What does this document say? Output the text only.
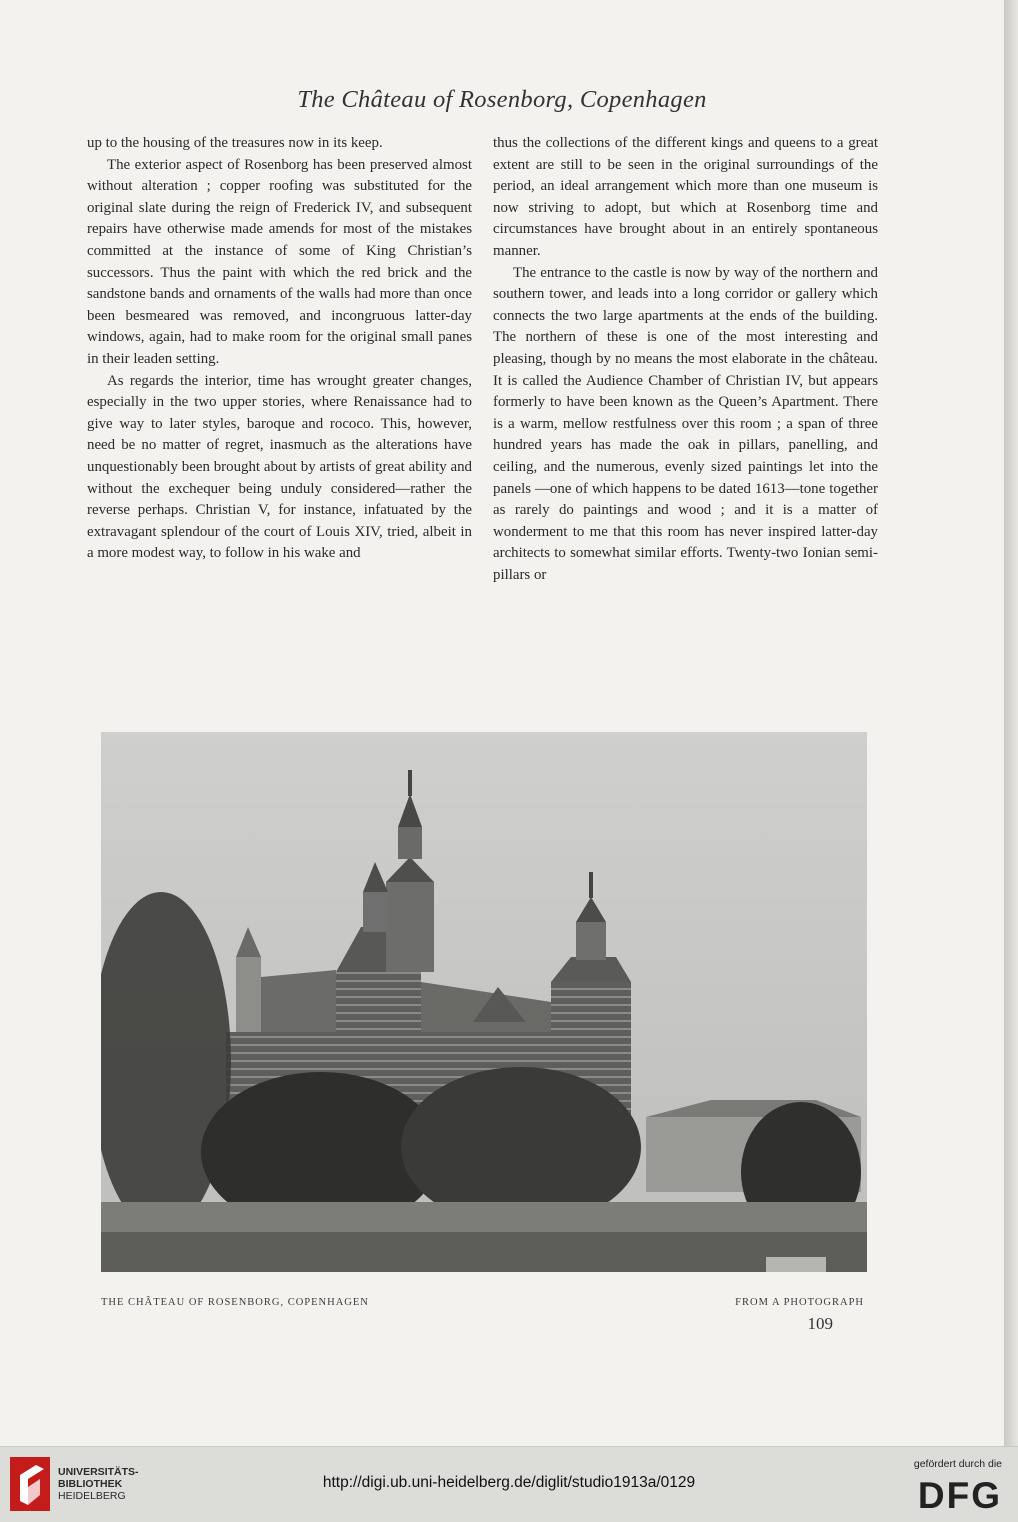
The Château of Rosenborg, Copenhagen

up to the housing of the treasures now in its keep.

The exterior aspect of Rosenborg has been preserved almost without alteration ; copper roofing was substituted for the original slate during the reign of Frederick IV, and subsequent repairs have otherwise made amends for most of the mistakes committed at the instance of some of King Christian’s successors. Thus the paint with which the red brick and the sandstone bands and ornaments of the walls had more than once been besmeared was removed, and incongruous latter-day windows, again, had to make room for the original small panes in their leaden setting.

As regards the interior, time has wrought greater changes, especially in the two upper stories, where Renaissance had to give way to later styles, baroque and rococo. This, however, need be no matter of regret, inasmuch as the alterations have unquestionably been brought about by artists of great ability and without the exchequer being unduly considered—rather the reverse perhaps. Christian V, for instance, infatuated by the extravagant splendour of the court of Louis XIV, tried, albeit in a more modest way, to follow in his wake and

thus the collections of the different kings and queens to a great extent are still to be seen in the original surroundings of the period, an ideal arrangement which more than one museum is now striving to adopt, but which at Rosenborg time and circumstances have brought about in an entirely spontaneous manner.

The entrance to the castle is now by way of the northern and southern tower, and leads into a long corridor or gallery which connects the two large apartments at the ends of the building. The northern of these is one of the most interesting and pleasing, though by no means the most elaborate in the château. It is called the Audience Chamber of Christian IV, but appears formerly to have been known as the Queen’s Apartment. There is a warm, mellow restfulness over this room ; a span of three hundred years has made the oak in pillars, panelling, and ceiling, and the numerous, evenly sized paintings let into the panels —one of which happens to be dated 1613—tone together as rarely do paintings and wood ; and it is a matter of wonderment to me that this room has never inspired latter-day architects to somewhat similar efforts. Twenty-two Ionian semi-pillars or

THE CHÂTEAU OF ROSENBORG, COPENHAGEN	FROM A PHOTOGRAPH
109
UNIVERSITÄTS-
BIBLIOTHEK
HEIDELBERG
http://digi.ub.uni-heidelberg.de/diglit/studio1913a/0129
gefördert durch die
DFG
